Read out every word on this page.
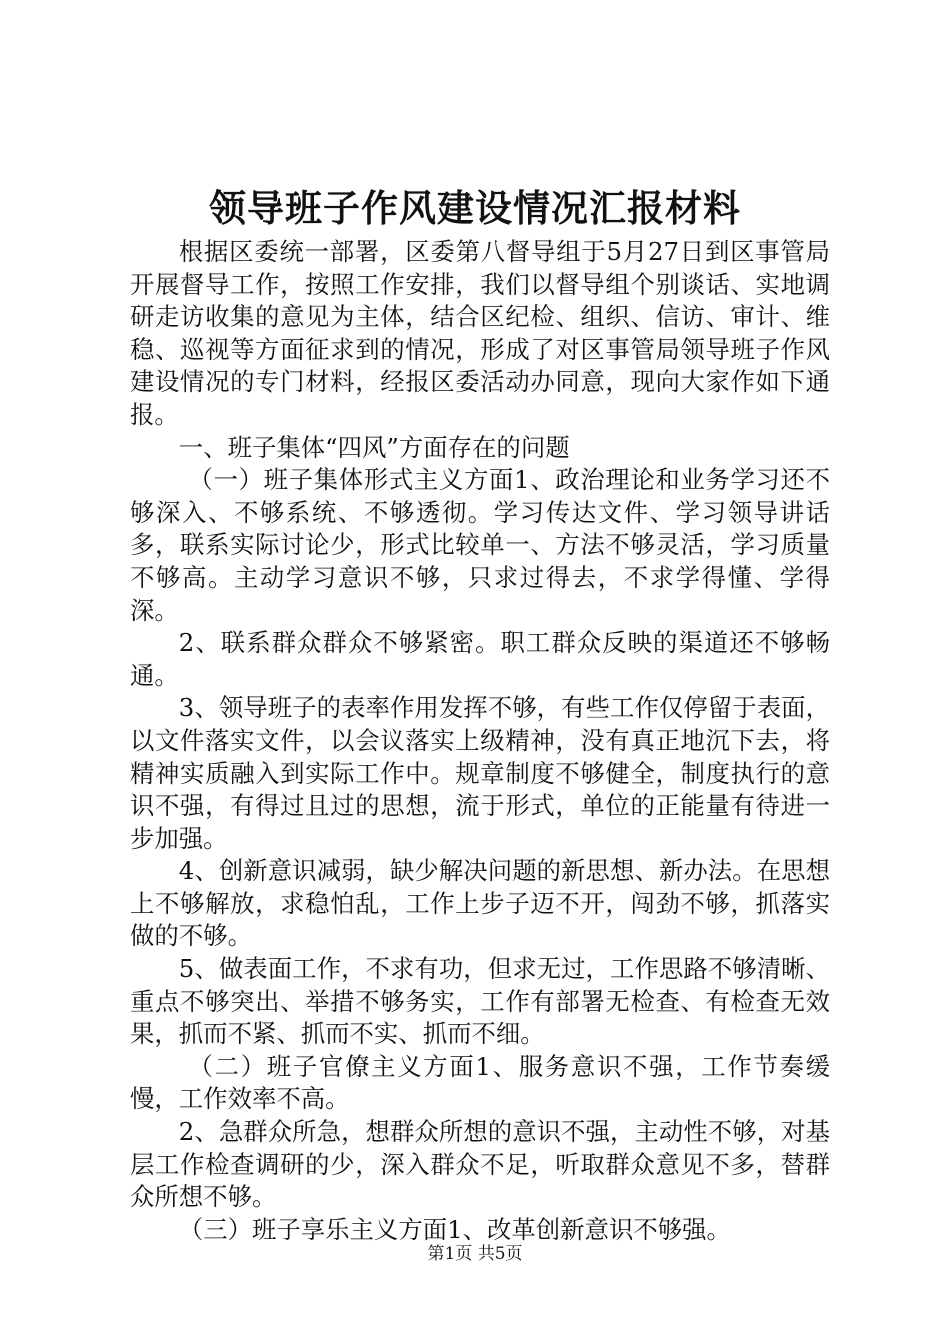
领导班子作风建设情况汇报材料

根据区委统一部署，区委第八督导组于5月27日到区事管局开展督导工作，按照工作安排，我们以督导组个别谈话、实地调研走访收集的意见为主体，结合区纪检、组织、信访、审计、维稳、巡视等方面征求到的情况，形成了对区事管局领导班子作风建设情况的专门材料，经报区委活动办同意，现向大家作如下通报。

一、班子集体“四风”方面存在的问题

（一）班子集体形式主义方面1、政治理论和业务学习还不够深入、不够系统、不够透彻。学习传达文件、学习领导讲话多，联系实际讨论少，形式比较单一、方法不够灵活，学习质量不够高。主动学习意识不够，只求过得去，不求学得懂、学得深。

2、联系群众群众不够紧密。职工群众反映的渠道还不够畅通。

3、领导班子的表率作用发挥不够，有些工作仅停留于表面，以文件落实文件，以会议落实上级精神，没有真正地沉下去，将精神实质融入到实际工作中。规章制度不够健全，制度执行的意识不强，有得过且过的思想，流于形式，单位的正能量有待进一步加强。

4、创新意识减弱，缺少解决问题的新思想、新办法。在思想上不够解放，求稳怕乱，工作上步子迈不开，闯劲不够，抓落实做的不够。

5、做表面工作，不求有功，但求无过，工作思路不够清晰、重点不够突出、举措不够务实，工作有部署无检查、有检查无效果，抓而不紧、抓而不实、抓而不细。

（二）班子官僚主义方面1、服务意识不强，工作节奏缓慢，工作效率不高。

2、急群众所急，想群众所想的意识不强，主动性不够，对基层工作检查调研的少，深入群众不足，听取群众意见不多，替群众所想不够。

（三）班子享乐主义方面1、改革创新意识不够强。

第1页 共5页
